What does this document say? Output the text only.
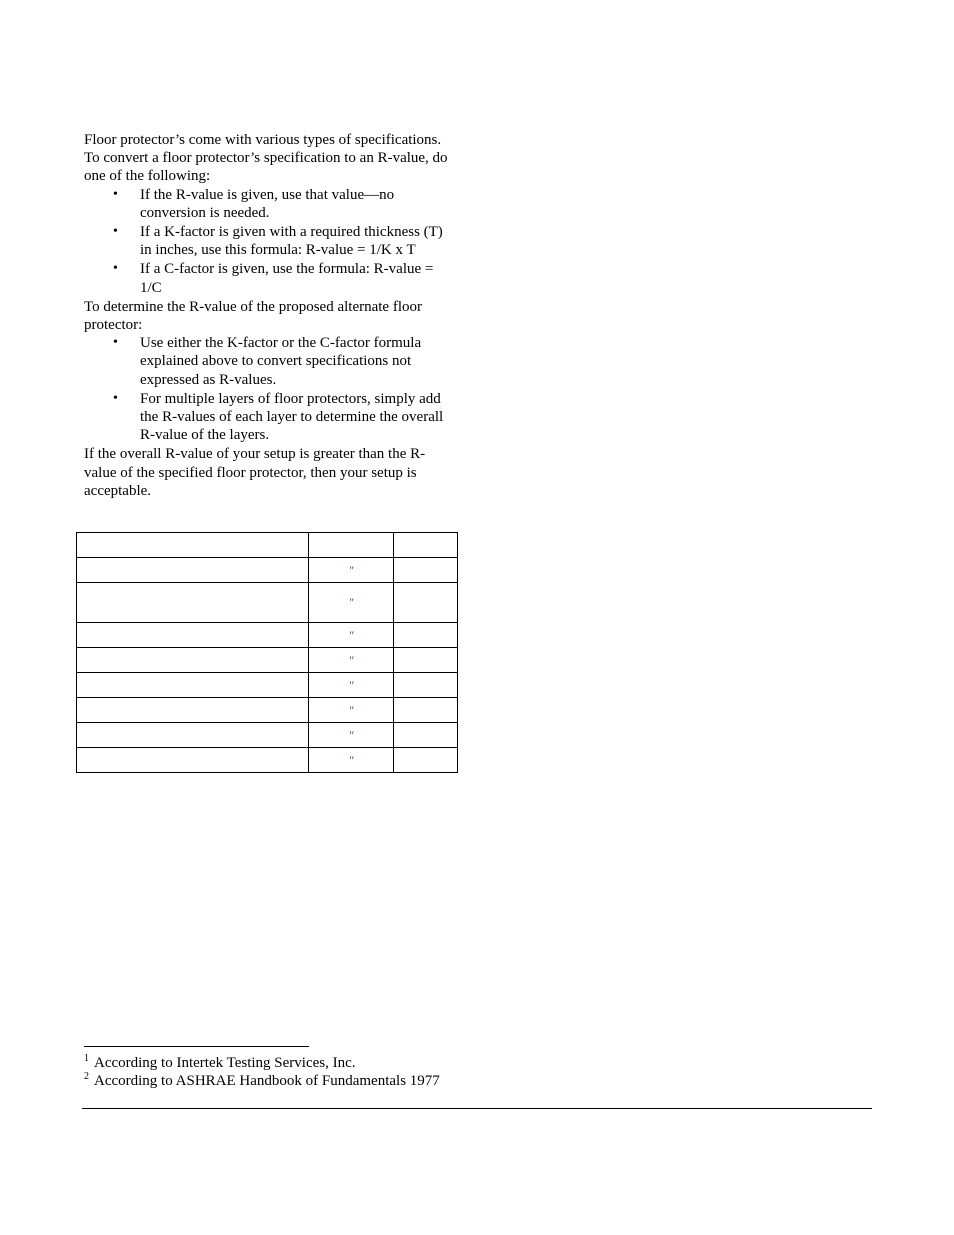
Floor protector’s come with various types of specifications. To convert a floor protector’s specification to an R-value, do one of the following:

• If the R-value is given, use that value—no conversion is needed.
• If a K-factor is given with a required thickness (T) in inches, use this formula: R-value = 1/K x T
• If a C-factor is given, use the formula: R-value = 1/C

To determine the R-value of the proposed alternate floor protector:

• Use either the K-factor or the C-factor formula explained above to convert specifications not expressed as R-values.
• For multiple layers of floor protectors, simply add the R-values of each layer to determine the overall R-value of the layers.

If the overall R-value of your setup is greater than the R-value of the specified floor protector, then your setup is acceptable.

	″	
	″	
	″	
	″	
	″	
	″	
	″	
	″	

$^1$ According to Intertek Testing Services, Inc.

$^2$ According to ASHRAE Handbook of Fundamentals 1977
